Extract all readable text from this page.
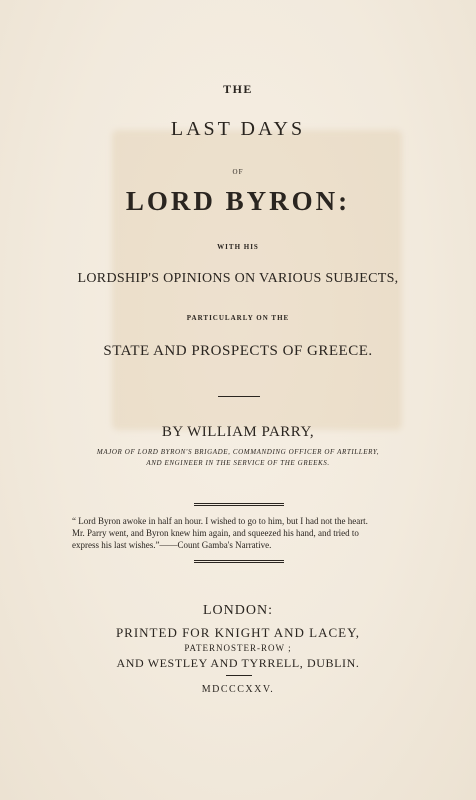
THE
LAST DAYS
OF
LORD BYRON:
WITH HIS
LORDSHIP'S OPINIONS ON VARIOUS SUBJECTS,
PARTICULARLY ON THE
STATE AND PROSPECTS OF GREECE.
BY WILLIAM PARRY,
MAJOR OF LORD BYRON'S BRIGADE, COMMANDING OFFICER OF ARTILLERY,
AND ENGINEER IN THE SERVICE OF THE GREEKS.
“ Lord Byron awoke in half an hour. I wished to go to him, but I had not the heart.
Mr. Parry went, and Byron knew him again, and squeezed his hand, and tried to
express his last wishes.”——Count Gamba's Narrative.
LONDON:
PRINTED FOR KNIGHT AND LACEY,
PATERNOSTER-ROW ;
AND WESTLEY AND TYRRELL, DUBLIN.
MDCCCXXV.
